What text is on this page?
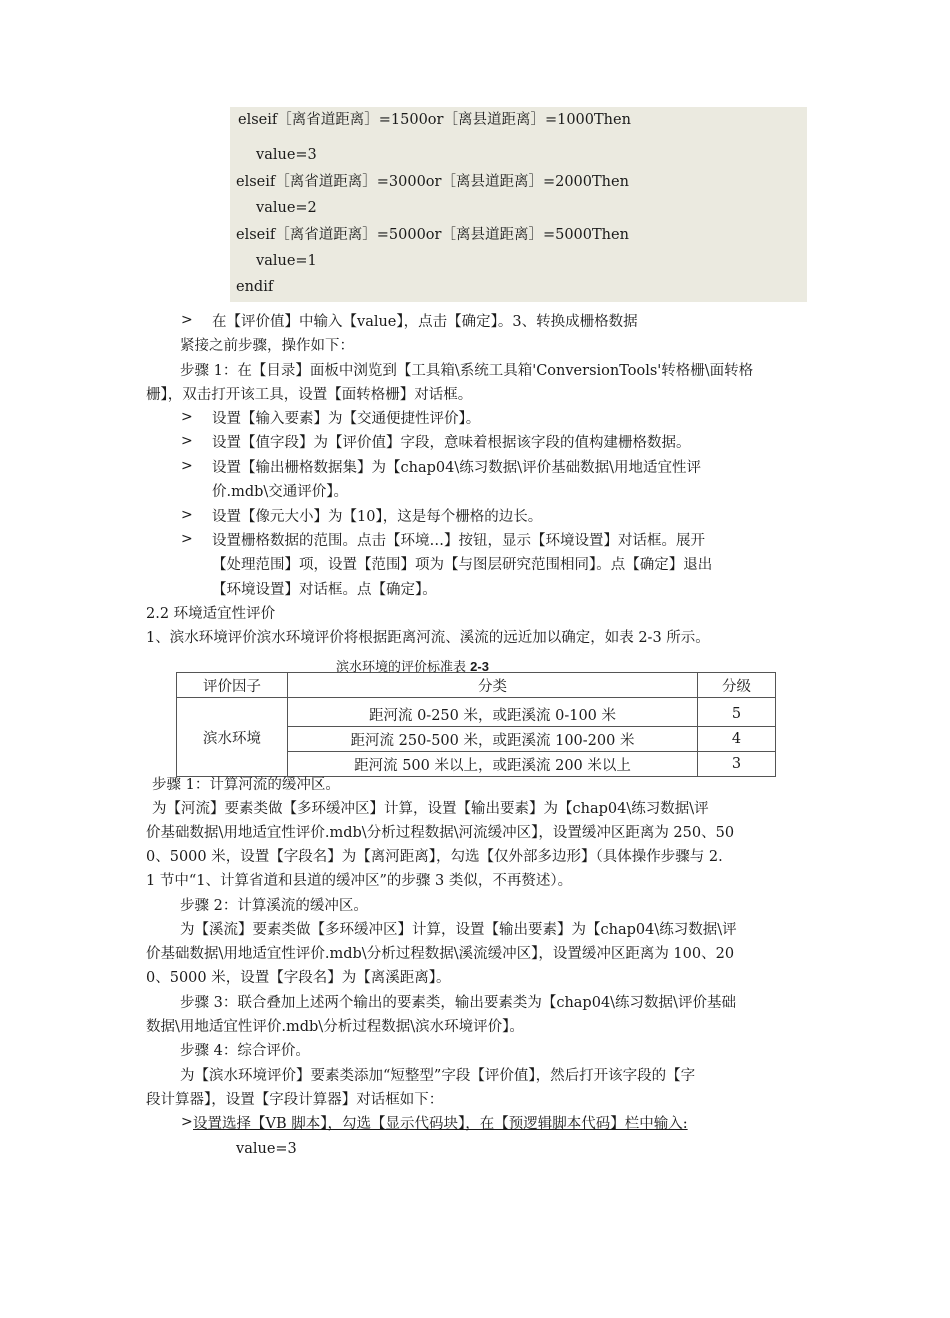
elseif［离省道距离］=1500or［离县道距离］=1000Then
value=3
elseif［离省道距离］=3000or［离县道距离］=2000Then
value=2
elseif［离省道距离］=5000or［离县道距离］=5000Then
value=1
endif
> 在【评价值】中输入【value】，点击【确定】。3、转换成栅格数据
紧接之前步骤，操作如下：
步骤 1：在【目录】面板中浏览到【工具箱\系统工具箱'ConversionTools'转格栅\面转格
栅】，双击打开该工具，设置【面转格栅】对话框。
> 设置【输入要素】为【交通便捷性评价】。
> 设置【值字段】为【评价值】字段，意味着根据该字段的值构建栅格数据。
> 设置【输出栅格数据集】为【chap04\练习数据\评价基础数据\用地适宜性评
价.mdb\交通评价】。
> 设置【像元大小】为【10】，这是每个栅格的边长。
> 设置栅格数据的范围。点击【环境…】按钮，显示【环境设置】对话框。展开
【处理范围】项，设置【范围】项为【与图层研究范围相同】。点【确定】退出
【环境设置】对话框。点【确定】。
2.2 环境适宜性评价
1、滨水环境评价滨水环境评价将根据距离河流、溪流的远近加以确定，如表 2-3 所示。
滨水环境的评价标准表 2-3
评价因子	分类	分级
滨水环境	距河流 0-250 米，或距溪流 0-100 米	5
	距河流 250-500 米，或距溪流 100-200 米	4
	距河流 500 米以上，或距溪流 200 米以上	3
步骤 1：计算河流的缓冲区。
为【河流】要素类做【多环缓冲区】计算，设置【输出要素】为【chap04\练习数据\评
价基础数据\用地适宜性评价.mdb\分析过程数据\河流缓冲区】，设置缓冲区距离为 250、50
0、5000 米，设置【字段名】为【离河距离】，勾选【仅外部多边形】（具体操作步骤与 2.
1 节中“1、计算省道和县道的缓冲区”的步骤 3 类似，不再赘述）。
步骤 2：计算溪流的缓冲区。
为【溪流】要素类做【多环缓冲区】计算，设置【输出要素】为【chap04\练习数据\评
价基础数据\用地适宜性评价.mdb\分析过程数据\溪流缓冲区】，设置缓冲区距离为 100、20
0、5000 米，设置【字段名】为【离溪距离】。
步骤 3：联合叠加上述两个输出的要素类，输出要素类为【chap04\练习数据\评价基础
数据\用地适宜性评价.mdb\分析过程数据\滨水环境评价】。
步骤 4：综合评价。
为【滨水环境评价】要素类添加“短整型”字段【评价值】，然后打开该字段的【字
段计算器】，设置【字段计算器】对话框如下：
> 设置选择【VB 脚本】，勾选【显示代码块】，在【预逻辑脚本代码】栏中输入:
value=3
